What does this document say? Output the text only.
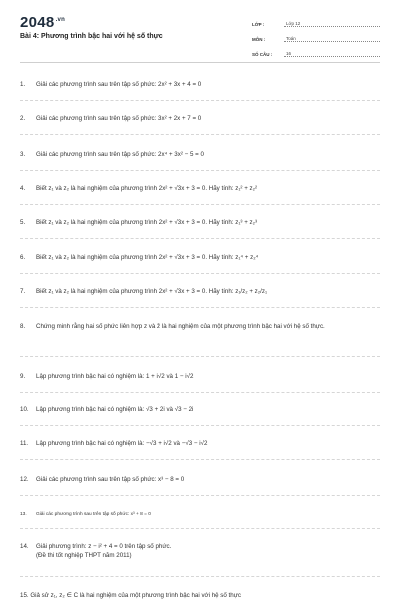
$2048^{.vn}$
Bài 4: Phương trình bậc hai với hệ số thực
LỚP :	Lớp 12
MÔN :	Toán
SỐ CÂU :	16
1.	Giải các phương trình sau trên tập số phức: 2x² + 3x + 4 = 0
2.	Giải các phương trình sau trên tập số phức: 3x² + 2x + 7 = 0
3.	Giải các phương trình sau trên tập số phức: 2x⁴ + 3x² − 5 = 0
4.	Biết z₁ và z₂ là hai nghiệm của phương trình 2x² + √3x + 3 = 0. Hãy tính: z₁² + z₂²
5.	Biết z₁ và z₂ là hai nghiệm của phương trình 2x² + √3x + 3 = 0. Hãy tính: z₁³ + z₂³
6.	Biết z₁ và z₂ là hai nghiệm của phương trình 2x² + √3x + 3 = 0. Hãy tính: z₁⁴ + z₂⁴
7.	Biết z₁ và z₂ là hai nghiệm của phương trình 2x² + √3x + 3 = 0. Hãy tính: z₁/z₂ + z₂/z₁
8.	Chứng minh rằng hai số phức liên hợp z và z̄ là hai nghiệm của một phương trình bậc hai với hệ số thực.
9.	Lập phương trình bậc hai có nghiệm là: 1 + i√2 và 1 − i√2
10.	Lập phương trình bậc hai có nghiệm là: √3 + 2i và √3 − 2i
11.	Lập phương trình bậc hai có nghiệm là: −√3 + i√2 và −√3 − i√2
12.	Giải các phương trình sau trên tập số phức: x³ − 8 = 0
13.	Giải các phương trình sau trên tập số phức: x³ + 8 = 0
14.	Giải phương trình: z − i² + 4 = 0 trên tập số phức.
(Đề thi tốt nghiệp THPT năm 2011)
15. Giả sử z₁, z₂ ∈ C là hai nghiệm của một phương trình bậc hai với hệ số thực
